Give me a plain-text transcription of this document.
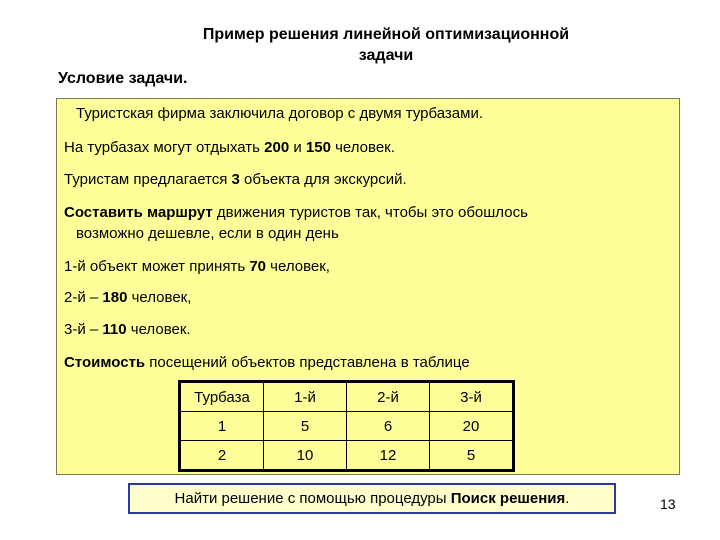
Пример решения линейной оптимизационной
задачи
Условие задачи.
Туристская фирма заключила договор с двумя турбазами.
На турбазах могут отдыхать 200 и 150 человек.
Туристам предлагается 3 объекта для экскурсий.
Составить маршрут движения туристов так, чтобы это обошлось
возможно дешевле, если в один день
1-й объект может принять 70 человек,
2-й – 180 человек,
3-й – 110 человек.
Стоимость посещений объектов представлена в таблице
Турбаза	1-й	2-й	3-й
1	5	6	20
2	10	12	5
Найти решение с помощью процедуры Поиск решения.	13
